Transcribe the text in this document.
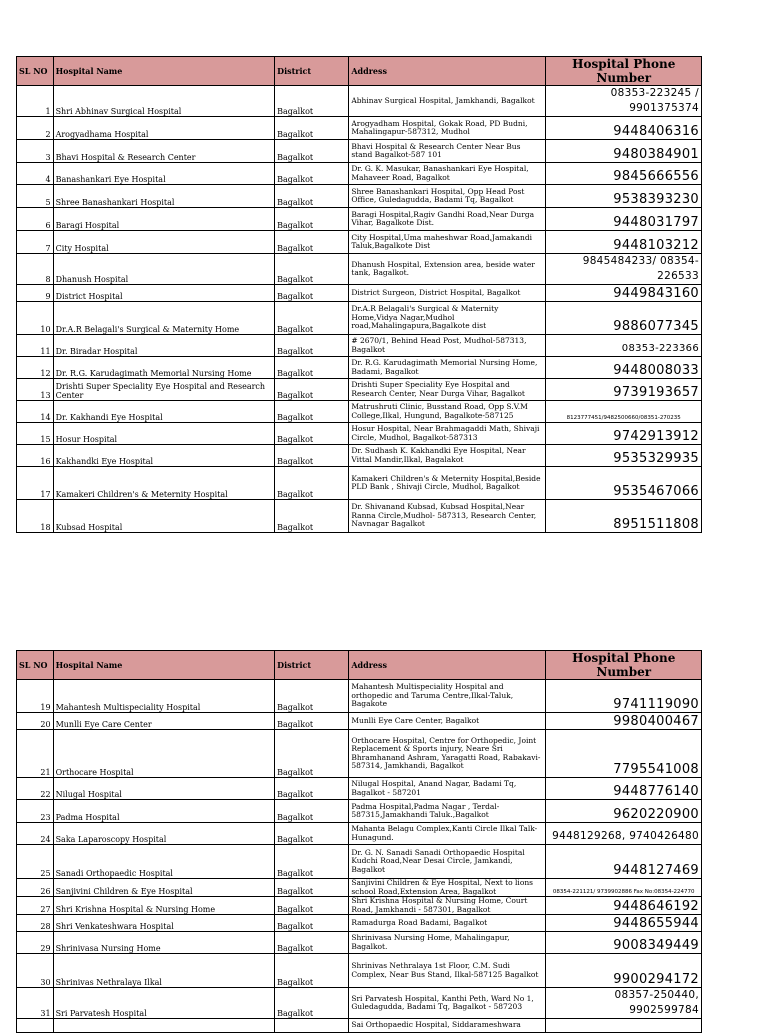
SL NO	Hospital Name	District	Address	Hospital Phone Number
1	Shri Abhinav Surgical Hospital	Bagalkot	Abhinav Surgical Hospital, Jamkhandi, Bagalkot	08353-223245 / 9901375374
2	Arogyadhama Hospital	Bagalkot	Arogyadham Hospital, Gokak Road, PD Budni, Mahalingapur-587312, Mudhol	9448406316
3	Bhavi Hospital & Research Center	Bagalkot	Bhavi Hospital & Research Center Near Bus stand Bagalkot-587 101	9480384901
4	Banashankari Eye Hospital	Bagalkot	Dr. G. K. Masukar, Banashankari Eye Hospital, Mahaveer Road, Bagalkot	9845666556
5	Shree Banashankari Hospital	Bagalkot	Shree Banashankari Hospital, Opp Head Post Office, Guledagudda, Badami Tq, Bagalkot	9538393230
6	Baragi Hospital	Bagalkot	Baragi Hospital,Ragiv Gandhi Road,Near Durga Vihar, Bagalkote Dist.	9448031797
7	City Hospital	Bagalkot	City Hospital,Uma maheshwar Road,Jamakandi Taluk,Bagalkote Dist	9448103212
8	Dhanush Hospital	Bagalkot	Dhanush Hospital, Extension area, beside water tank, Bagalkot.	9845484233/ 08354-226533
9	District Hospital	Bagalkot	District Surgeon, District Hospital, Bagalkot	9449843160
10	Dr.A.R Belagali's Surgical & Maternity Home	Bagalkot	Dr.A.R Belagali's Surgical & Maternity Home,Vidya Nagar,Mudhol road,Mahalingapura,Bagalkote dist	9886077345
11	Dr. Biradar Hospital	Bagalkot	# 2670/1, Behind Head Post, Mudhol-587313, Bagalkot	08353-223366
12	Dr. R.G. Karudagimath Memorial Nursing Home	Bagalkot	Dr. R.G. Karudagimath Memorial Nursing Home, Badami, Bagalkot	9448008033
13	Drishti Super Speciality Eye Hospital and Research Center	Bagalkot	Drishti Super Speciality Eye Hospital and Research Center, Near Durga Vihar, Bagalkot	9739193657
14	Dr. Kakhandi Eye Hospital	Bagalkot	Matrushruti Clinic, Busstand Road, Opp S.V.M College,Ilkal, Hungund, Bagalkote-587125	8123777451/9482500660/08351-270235
15	Hosur Hospital	Bagalkot	Hosur Hospital, Near Brahmagaddi Math, Shivaji Circle, Mudhol, Bagalkot-587313	9742913912
16	Kakhandki Eye Hospital	Bagalkot	Dr. Sudhash K. Kakhandki Eye Hospital, Near Vittal Mandir,Ilkal, Bagalakot	9535329935
17	Kamakeri Children's & Meternity Hospital	Bagalkot	Kamakeri Children's & Meternity Hospital,Beside PLD Bank , Shivaji Circle, Mudhol, Bagalkot	9535467066
18	Kubsad Hospital	Bagalkot	Dr. Shivanand Kubsad, Kubsad Hospital,Near Ranna Circle,Mudhol- 587313, Research Center, Navnagar Bagalkot	8951511808
SL NO	Hospital Name	District	Address	Hospital Phone Number
19	Mahantesh Multispeciality Hospital	Bagalkot	Mahantesh Multispeciality Hospital and orthopedic and Taruma Centre,Ilkal-Taluk, Bagakote	9741119090
20	Munlli Eye Care Center	Bagalkot	Munlli Eye Care Center, Bagalkot	9980400467
21	Orthocare Hospital	Bagalkot	Orthocare Hospital, Centre for Orthopedic, Joint Replacement & Sports injury, Neare Sri Bhramhanand Ashram, Yaragatti Road, Rabakavi-587314, Jamkhandi, Bagalkot	7795541008
22	Nilugal Hospital	Bagalkot	Nilugal Hospital, Anand Nagar, Badami Tq, Bagalkot - 587201	9448776140
23	Padma Hospital	Bagalkot	Padma Hospital,Padma Nagar , Terdal-587315,Jamakhandi Taluk.,Bagalkot	9620220900
24	Saka Laparoscopy Hospital	Bagalkot	Mahanta Belagu Complex,Kanti Circle Ilkal Talk-Hunagund.	9448129268, 9740426480
25	Sanadi Orthopaedic Hospital	Bagalkot	Dr. G. N. Sanadi Sanadi Orthopaedic Hospital Kudchi Road,Near Desai Circle, Jamkandi, Bagalkot	9448127469
26	Sanjivini Children & Eye Hospital	Bagalkot	Sanjivini Children & Eye Hospital, Next to lions school Road,Extension Area, Bagalkot	08354-221121/ 9739902886 Fax No:08354-224770
27	Shri Krishna Hospital & Nursing Home	Bagalkot	Shri Krishna Hospital & Nursing Home, Court Road, Jamkhandi - 587301, Bagalkot	9448646192
28	Shri Venkateshwara Hospital	Bagalkot	Ramadurga Road Badami, Bagalkot	9448655944
29	Shrinivasa Nursing Home	Bagalkot	Shrinivasa Nursing Home, Mahalingapur, Bagalkot.	9008349449
30	Shrinivas Nethralaya Ilkal	Bagalkot	Shrinivas Nethralaya 1st Floor, C.M. Sudi Complex, Near Bus Stand, Ilkal-587125 Bagalkot	9900294172
31	Sri Parvatesh Hospital	Bagalkot	Sri Parvatesh Hospital, Kanthi Peth, Ward No 1, Guledagudda, Badami Tq, Bagalkot - 587203	08357-250440, 9902599784
			Sai Orthopaedic Hospital, Siddarameshwara	
